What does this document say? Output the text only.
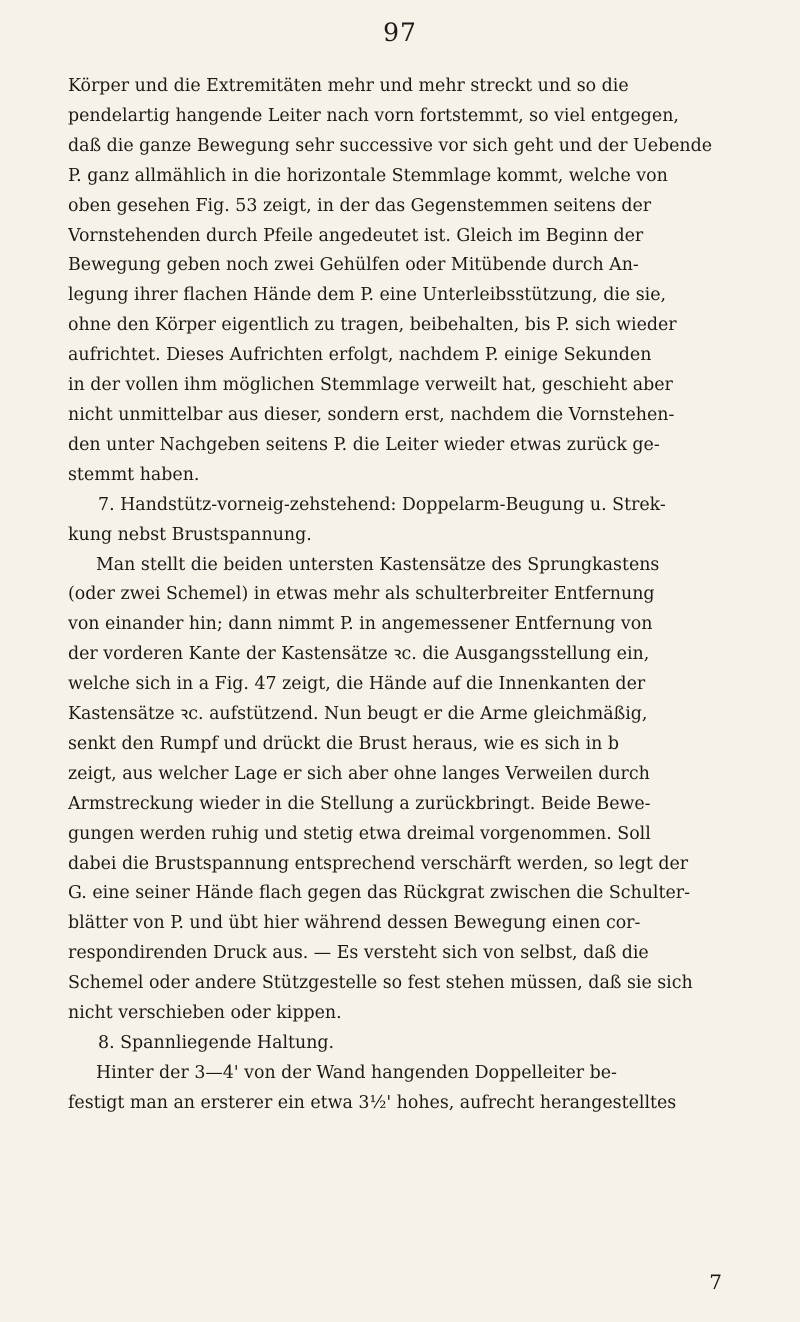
97
Körper und die Extremitäten mehr und mehr streckt und so die
pendelartig hangende Leiter nach vorn fortstemmt, so viel entgegen,
daß die ganze Bewegung sehr successive vor sich geht und der Uebende
P. ganz allmählich in die horizontale Stemmlage kommt, welche von
oben gesehen Fig. 53 zeigt, in der das Gegenstemmen seitens der
Vornstehenden durch Pfeile angedeutet ist. Gleich im Beginn der
Bewegung geben noch zwei Gehülfen oder Mitübende durch An-
legung ihrer flachen Hände dem P. eine Unterleibsstützung, die sie,
ohne den Körper eigentlich zu tragen, beibehalten, bis P. sich wieder
aufrichtet. Dieses Aufrichten erfolgt, nachdem P. einige Sekunden
in der vollen ihm möglichen Stemmlage verweilt hat, geschieht aber
nicht unmittelbar aus dieser, sondern erst, nachdem die Vornstehen-
den unter Nachgeben seitens P. die Leiter wieder etwas zurück ge-
stemmt haben.
7. Handstütz-vorneig-zehstehend: Doppelarm-Beugung u. Strek-
kung nebst Brustspannung.
Man stellt die beiden untersten Kastensätze des Sprungkastens
(oder zwei Schemel) in etwas mehr als schulterbreiter Entfernung
von einander hin; dann nimmt P. in angemessener Entfernung von
der vorderen Kante der Kastensätze ꝛc. die Ausgangsstellung ein,
welche sich in a Fig. 47 zeigt, die Hände auf die Innenkanten der
Kastensätze ꝛc. aufstützend. Nun beugt er die Arme gleichmäßig,
senkt den Rumpf und drückt die Brust heraus, wie es sich in b
zeigt, aus welcher Lage er sich aber ohne langes Verweilen durch
Armstreckung wieder in die Stellung a zurückbringt. Beide Bewe-
gungen werden ruhig und stetig etwa dreimal vorgenommen. Soll
dabei die Brustspannung entsprechend verschärft werden, so legt der
G. eine seiner Hände flach gegen das Rückgrat zwischen die Schulter-
blätter von P. und übt hier während dessen Bewegung einen cor-
respondirenden Druck aus. — Es versteht sich von selbst, daß die
Schemel oder andere Stützgestelle so fest stehen müssen, daß sie sich
nicht verschieben oder kippen.
8. Spannliegende Haltung.
Hinter der 3—4' von der Wand hangenden Doppelleiter be-
festigt man an ersterer ein etwa 3½' hohes, aufrecht herangestelltes
7
